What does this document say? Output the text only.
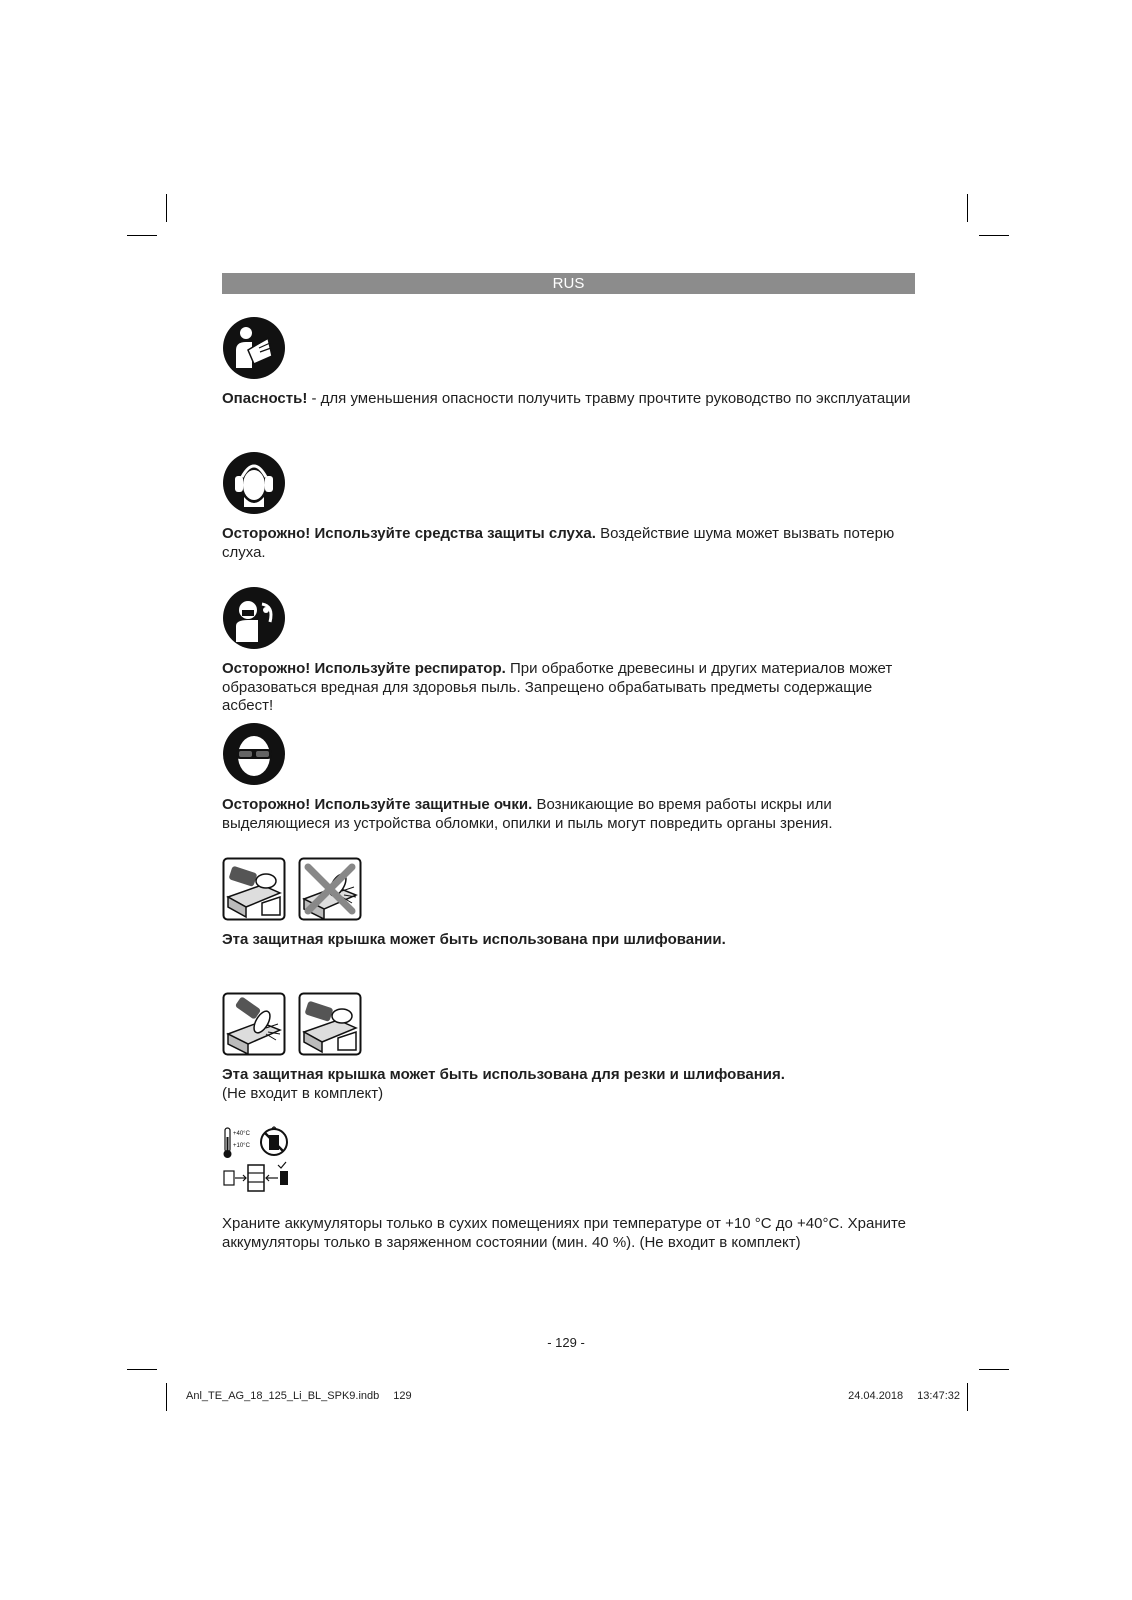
RUS
Опасность! - для уменьшения опасности получить травму прочтите руководство по эксплуатации
Осторожно! Используйте средства защиты слуха. Воздействие шума может вызвать потерю слуха.
Осторожно! Используйте респиратор. При обработке древесины и других материалов может образоваться вредная для здоровья пыль. Запрещено обрабатывать предметы содержащие асбест!
Осторожно! Используйте защитные очки. Возникающие во время работы искры или выделяющиеся из устройства обломки, опилки и пыль могут повредить органы зрения.
Эта защитная крышка может быть использована при шлифовании.
Эта защитная крышка может быть использована для резки и шлифования.
(Не входит в комплект)
+40°C
+10°C
Храните аккумуляторы только в сухих помещениях при температуре от +10 °C до +40°C. Храните аккумуляторы только в заряженном состоянии (мин. 40 %). (Не входит в комплект)
- 129 -
Anl_TE_AG_18_125_Li_BL_SPK9.indb 129	24.04.2018 13:47:32
